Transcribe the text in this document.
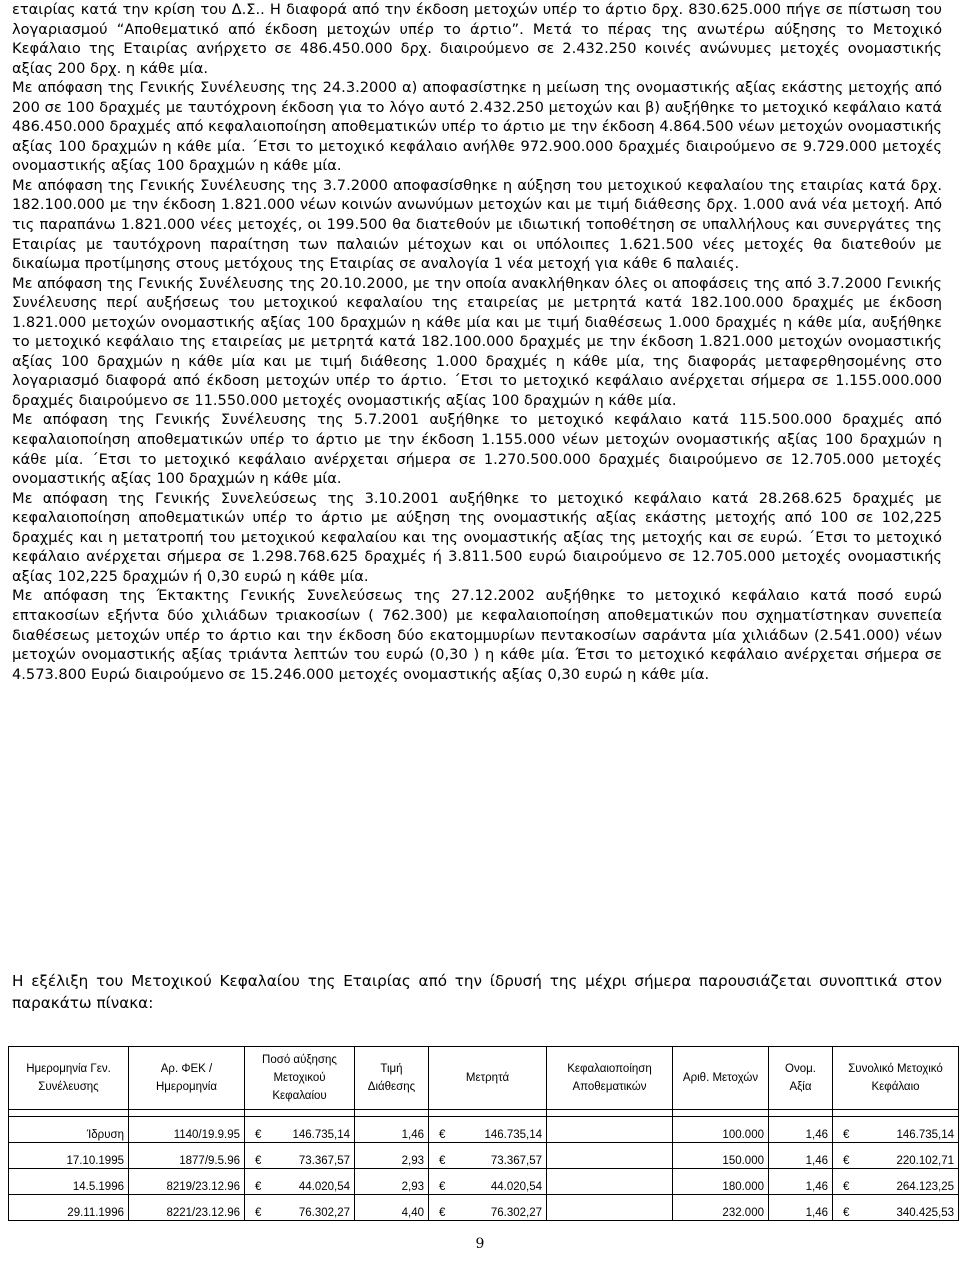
εταιρίας κατά την κρίση του Δ.Σ.. Η διαφορά από την έκδοση μετοχών υπέρ το άρτιο δρχ. 830.625.000 πήγε σε πίστωση του λογαριασμού “Αποθεματικό από έκδοση μετοχών υπέρ το άρτιο”. Μετά το πέρας της ανωτέρω αύξησης το Μετοχικό Κεφάλαιο της Εταιρίας ανήρχετο σε 486.450.000 δρχ. διαιρούμενο σε 2.432.250 κοινές ανώνυμες μετοχές ονομαστικής αξίας 200 δρχ. η κάθε μία.

Με απόφαση της Γενικής Συνέλευσης της 24.3.2000 α) αποφασίστηκε η μείωση της ονομαστικής αξίας εκάστης μετοχής από 200 σε 100 δραχμές με ταυτόχρονη έκδοση για το λόγο αυτό 2.432.250 μετοχών και β) αυξήθηκε το μετοχικό κεφάλαιο κατά 486.450.000 δραχμές από κεφαλαιοποίηση αποθεματικών υπέρ το άρτιο με την έκδοση 4.864.500 νέων μετοχών ονομαστικής αξίας 100 δραχμών η κάθε μία. ΄Ετσι το μετοχικό κεφάλαιο ανήλθε 972.900.000 δραχμές διαιρούμενο σε 9.729.000 μετοχές ονομαστικής αξίας 100 δραχμών η κάθε μία.

Με απόφαση της Γενικής Συνέλευσης της 3.7.2000 αποφασίσθηκε η αύξηση του μετοχικού κεφαλαίου της εταιρίας κατά δρχ. 182.100.000 με την έκδοση 1.821.000 νέων κοινών ανωνύμων μετοχών και με τιμή διάθεσης δρχ. 1.000 ανά νέα μετοχή. Από τις παραπάνω 1.821.000 νέες μετοχές, οι 199.500 θα διατεθούν με ιδιωτική τοποθέτηση σε υπαλλήλους και συνεργάτες της Εταιρίας με ταυτόχρονη παραίτηση των παλαιών μέτοχων και οι υπόλοιπες 1.621.500 νέες μετοχές θα διατεθούν με δικαίωμα προτίμησης στους μετόχους της Εταιρίας σε αναλογία 1 νέα μετοχή για κάθε 6 παλαιές.

Με απόφαση της Γενικής Συνέλευσης της 20.10.2000, με την οποία ανακλήθηκαν όλες οι αποφάσεις της από 3.7.2000 Γενικής Συνέλευσης περί αυξήσεως του μετοχικού κεφαλαίου της εταιρείας με μετρητά κατά 182.100.000 δραχμές με έκδοση 1.821.000 μετοχών ονομαστικής αξίας 100 δραχμών η κάθε μία και με τιμή διαθέσεως 1.000 δραχμές η κάθε μία, αυξήθηκε το μετοχικό κεφάλαιο της εταιρείας με μετρητά κατά 182.100.000 δραχμές με την έκδοση 1.821.000 μετοχών ονομαστικής αξίας 100 δραχμών η κάθε μία και με τιμή διάθεσης 1.000 δραχμές η κάθε μία, της διαφοράς μεταφερθησομένης στο λογαριασμό διαφορά από έκδοση μετοχών υπέρ το άρτιο. ΄Ετσι το μετοχικό κεφάλαιο ανέρχεται σήμερα σε 1.155.000.000 δραχμές διαιρούμενο σε 11.550.000 μετοχές ονομαστικής αξίας 100 δραχμών η κάθε μία.

Με απόφαση της Γενικής Συνέλευσης της 5.7.2001 αυξήθηκε το μετοχικό κεφάλαιο κατά 115.500.000 δραχμές από κεφαλαιοποίηση αποθεματικών υπέρ το άρτιο με την έκδοση 1.155.000 νέων μετοχών ονομαστικής αξίας 100 δραχμών η κάθε μία. ΄Ετσι το μετοχικό κεφάλαιο ανέρχεται σήμερα σε 1.270.500.000 δραχμές διαιρούμενο σε 12.705.000 μετοχές ονομαστικής αξίας 100 δραχμών η κάθε μία.

Με απόφαση της Γενικής Συνελεύσεως της 3.10.2001 αυξήθηκε το μετοχικό κεφάλαιο κατά 28.268.625 δραχμές με κεφαλαιοποίηση αποθεματικών υπέρ το άρτιο με αύξηση της ονομαστικής αξίας εκάστης μετοχής από 100 σε 102,225 δραχμές και η μετατροπή του μετοχικού κεφαλαίου και της ονομαστικής αξίας της μετοχής και σε ευρώ. ΄Ετσι το μετοχικό κεφάλαιο ανέρχεται σήμερα σε 1.298.768.625 δραχμές ή 3.811.500 ευρώ διαιρούμενο σε 12.705.000 μετοχές ονομαστικής αξίας 102,225 δραχμών ή 0,30 ευρώ η κάθε μία.

Με απόφαση της Έκτακτης Γενικής Συνελεύσεως της 27.12.2002 αυξήθηκε το μετοχικό κεφάλαιο κατά ποσό ευρώ επτακοσίων εξήντα δύο χιλιάδων τριακοσίων ( 762.300) με κεφαλαιοποίηση αποθεματικών που σχηματίστηκαν συνεπεία διαθέσεως μετοχών υπέρ το άρτιο και την έκδοση δύο εκατομμυρίων πεντακοσίων σαράντα μία χιλιάδων (2.541.000) νέων μετοχών ονομαστικής αξίας τριάντα λεπτών του ευρώ (0,30 ) η κάθε μία. Έτσι το μετοχικό κεφάλαιο ανέρχεται σήμερα σε 4.573.800 Ευρώ διαιρούμενο σε 15.246.000 μετοχές ονομαστικής αξίας 0,30 ευρώ η κάθε μία.

Η εξέλιξη του Μετοχικού Κεφαλαίου της Εταιρίας από την ίδρυσή της μέχρι σήμερα παρουσιάζεται συνοπτικά στον παρακάτω πίνακα:

Ημερομηνία Γεν. Συνέλευσης	Αρ. ΦΕΚ / Ημερομηνία	Ποσό αύξησης Μετοχικού Κεφαλαίου	Τιμή Διάθεσης	Μετρητά	Κεφαλαιοποίηση Αποθεματικών	Αριθ. Μετοχών	Ονομ. Αξία	Συνολικό Μετοχικό Κεφάλαιο

Ίδρυση	1140/19.9.95	€ 146.735,14	1,46	€ 146.735,14		100.000	1,46	€ 146.735,14
17.10.1995	1877/9.5.96	€ 73.367,57	2,93	€ 73.367,57		150.000	1,46	€ 220.102,71
14.5.1996	8219/23.12.96	€ 44.020,54	2,93	€ 44.020,54		180.000	1,46	€ 264.123,25
29.11.1996	8221/23.12.96	€ 76.302,27	4,40	€ 76.302,27		232.000	1,46	€ 340.425,53
9
